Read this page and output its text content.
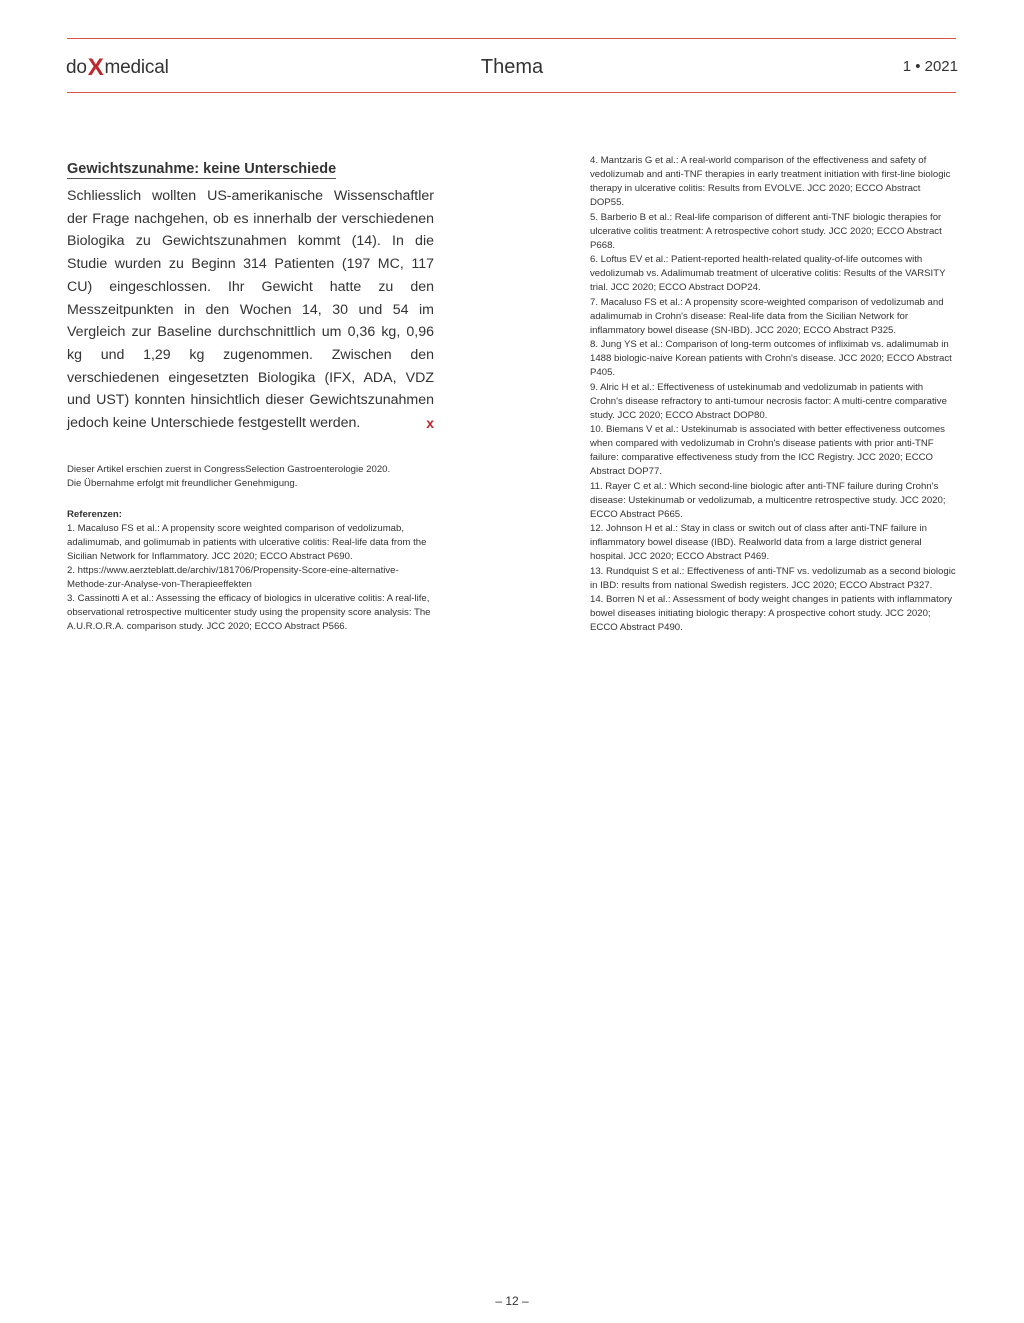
doXmedical	Thema	1 • 2021
Gewichtszunahme: keine Unterschiede

Schliesslich wollten US-amerikanische Wissenschaftler der Frage nachgehen, ob es innerhalb der verschiedenen Biologika zu Gewichtszunahmen kommt (14). In die Studie wurden zu Beginn 314 Patienten (197 MC, 117 CU) eingeschlossen. Ihr Gewicht hatte zu den Messzeitpunkten in den Wochen 14, 30 und 54 im Vergleich zur Baseline durchschnittlich um 0,36 kg, 0,96 kg und 1,29 kg zugenommen. Zwischen den verschiedenen eingesetzten Biologika (IFX, ADA, VDZ und UST) konnten hinsichtlich dieser Gewichtszunahmen jedoch keine Unterschiede festgestellt werden.	x

Dieser Artikel erschien zuerst in CongressSelection Gastroenterologie 2020.
Die Übernahme erfolgt mit freundlicher Genehmigung.
Referenzen:

1. Macaluso FS et al.: A propensity score weighted comparison of vedolizumab, adalimumab, and golimumab in patients with ulcerative colitis: Real-life data from the Sicilian Network for Inflammatory. JCC 2020; ECCO Abstract P690.

2. https://www.aerzteblatt.de/archiv/181706/Propensity-Score-eine-alternative-Methode-zur-Analyse-von-Therapieeffekten

3. Cassinotti A et al.: Assessing the efficacy of biologics in ulcerative colitis: A real-life, observational retrospective multicenter study using the propensity score analysis: The A.U.R.O.R.A. comparison study. JCC 2020; ECCO Abstract P566.

4. Mantzaris G et al.: A real-world comparison of the effectiveness and safety of vedolizumab and anti-TNF therapies in early treatment initiation with first-line biologic therapy in ulcerative colitis: Results from EVOLVE. JCC 2020; ECCO Abstract DOP55.

5. Barberio B et al.: Real-life comparison of different anti-TNF biologic therapies for ulcerative colitis treatment: A retrospective cohort study. JCC 2020; ECCO Abstract P668.

6. Loftus EV et al.: Patient-reported health-related quality-of-life outcomes with vedolizumab vs. Adalimumab treatment of ulcerative colitis: Results of the VARSITY trial. JCC 2020; ECCO Abstract DOP24.

7. Macaluso FS et al.: A propensity score-weighted comparison of vedolizumab and adalimumab in Crohn's disease: Real-life data from the Sicilian Network for inflammatory bowel disease (SN-IBD). JCC 2020; ECCO Abstract P325.

8. Jung YS et al.: Comparison of long-term outcomes of infliximab vs. adalimumab in 1488 biologic-naive Korean patients with Crohn's disease. JCC 2020; ECCO Abstract P405.

9. Alric H et al.: Effectiveness of ustekinumab and vedolizumab in patients with Crohn's disease refractory to anti-tumour necrosis factor: A multi-centre comparative study. JCC 2020; ECCO Abstract DOP80.

10. Biemans V et al.: Ustekinumab is associated with better effectiveness outcomes when compared with vedolizumab in Crohn's disease patients with prior anti-TNF failure: comparative effectiveness study from the ICC Registry. JCC 2020; ECCO Abstract DOP77.

11. Rayer C et al.: Which second-line biologic after anti-TNF failure during Crohn's disease: Ustekinumab or vedolizumab, a multicentre retrospective study. JCC 2020; ECCO Abstract P665.

12. Johnson H et al.: Stay in class or switch out of class after anti-TNF failure in inflammatory bowel disease (IBD). Realworld data from a large district general hospital. JCC 2020; ECCO Abstract P469.

13. Rundquist S et al.: Effectiveness of anti-TNF vs. vedolizumab as a second biologic in IBD: results from national Swedish registers. JCC 2020; ECCO Abstract P327.

14. Borren N et al.: Assessment of body weight changes in patients with inflammatory bowel diseases initiating biologic therapy: A prospective cohort study. JCC 2020; ECCO Abstract P490.

– 12 –
